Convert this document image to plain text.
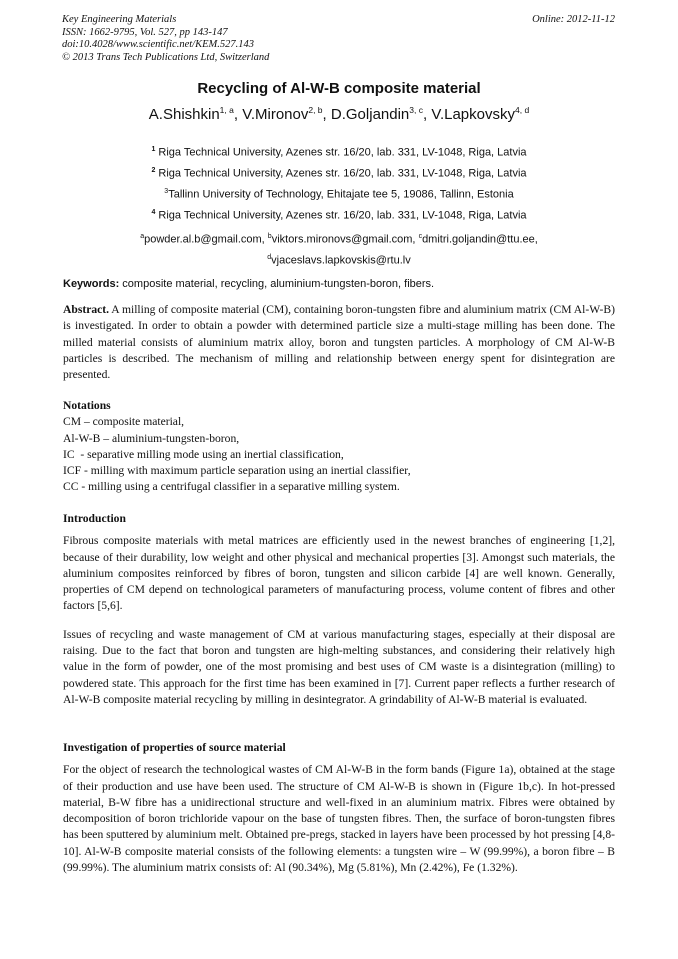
Key Engineering Materials
ISSN: 1662-9795, Vol. 527, pp 143-147
doi:10.4028/www.scientific.net/KEM.527.143
© 2013 Trans Tech Publications Ltd, Switzerland
Online: 2012-11-12
Recycling of Al-W-B composite material
A.Shishkin$^{1, a}$, V.Mironov$^{2, b}$, D.Goljandin$^{3, c}$, V.Lapkovsky$^{4, d}$
$^1$ Riga Technical University, Azenes str. 16/20, lab. 331, LV-1048, Riga, Latvia
$^2$ Riga Technical University, Azenes str. 16/20, lab. 331, LV-1048, Riga, Latvia
$^3$Tallinn University of Technology, Ehitajate tee 5, 19086, Tallinn, Estonia
$^4$ Riga Technical University, Azenes str. 16/20, lab. 331, LV-1048, Riga, Latvia
$^a$powder.al.b@gmail.com, $^b$viktors.mironovs@gmail.com, $^c$dmitri.goljandin@ttu.ee,
$^d$vjaceslavs.lapkovskis@rtu.lv
Keywords: composite material, recycling, aluminium-tungsten-boron, fibers.

Abstract. A milling of composite material (CM), containing boron-tungsten fibre and aluminium matrix (CM Al-W-B) is investigated. In order to obtain a powder with determined particle size a multi-stage milling has been done. The milled material consists of aluminium matrix alloy, boron and tungsten particles. A morphology of CM Al-W-B particles is described. The mechanism of milling and relationship between energy spent for disintegration are presented.

Notations
CM – composite material,
Al-W-B – aluminium-tungsten-boron,
IC  - separative milling mode using an inertial classification,
ICF - milling with maximum particle separation using an inertial classifier,
CC - milling using a centrifugal classifier in a separative milling system.
Introduction

Fibrous composite materials with metal matrices are efficiently used in the newest branches of engineering [1,2], because of their durability, low weight and other physical and mechanical properties [3]. Amongst such materials, the aluminium composites reinforced by fibres of boron, tungsten and silicon carbide [4] are well known. Generally, properties of CM depend on technological parameters of manufacturing process, volume content of fibres and other factors [5,6].

Issues of recycling and waste management of CM at various manufacturing stages, especially at their disposal are raising. Due to the fact that boron and tungsten are high-melting substances, and considering their relatively high value in the form of powder, one of the most promising and best uses of CM waste is a disintegration (milling) to powdered state. This approach for the first time has been examined in [7]. Current paper reflects a further research of Al-W-B composite material recycling by milling in desintegrator. A grindability of Al-W-B material is evaluated.

Investigation of properties of source material

For the object of research the technological wastes of CM Al-W-B in the form bands (Figure 1a), obtained at the stage of their production and use have been used. The structure of CM Al-W-B is shown in (Figure 1b,c). In hot-pressed material, B-W fibre has a unidirectional structure and well-fixed in an aluminium matrix. Fibres were obtained by decomposition of boron trichloride vapour on the base of tungsten fibres. Then, the surface of boron-tungsten fibres has been sputtered by aluminium melt. Obtained pre-pregs, stacked in layers have been processed by hot pressing [4,8-10]. Al-W-B composite material consists of the following elements: a tungsten wire – W (99.99%), a boron fibre – B (99.99%). The aluminium matrix consists of: Al (90.34%), Mg (5.81%), Mn (2.42%), Fe (1.32%).
